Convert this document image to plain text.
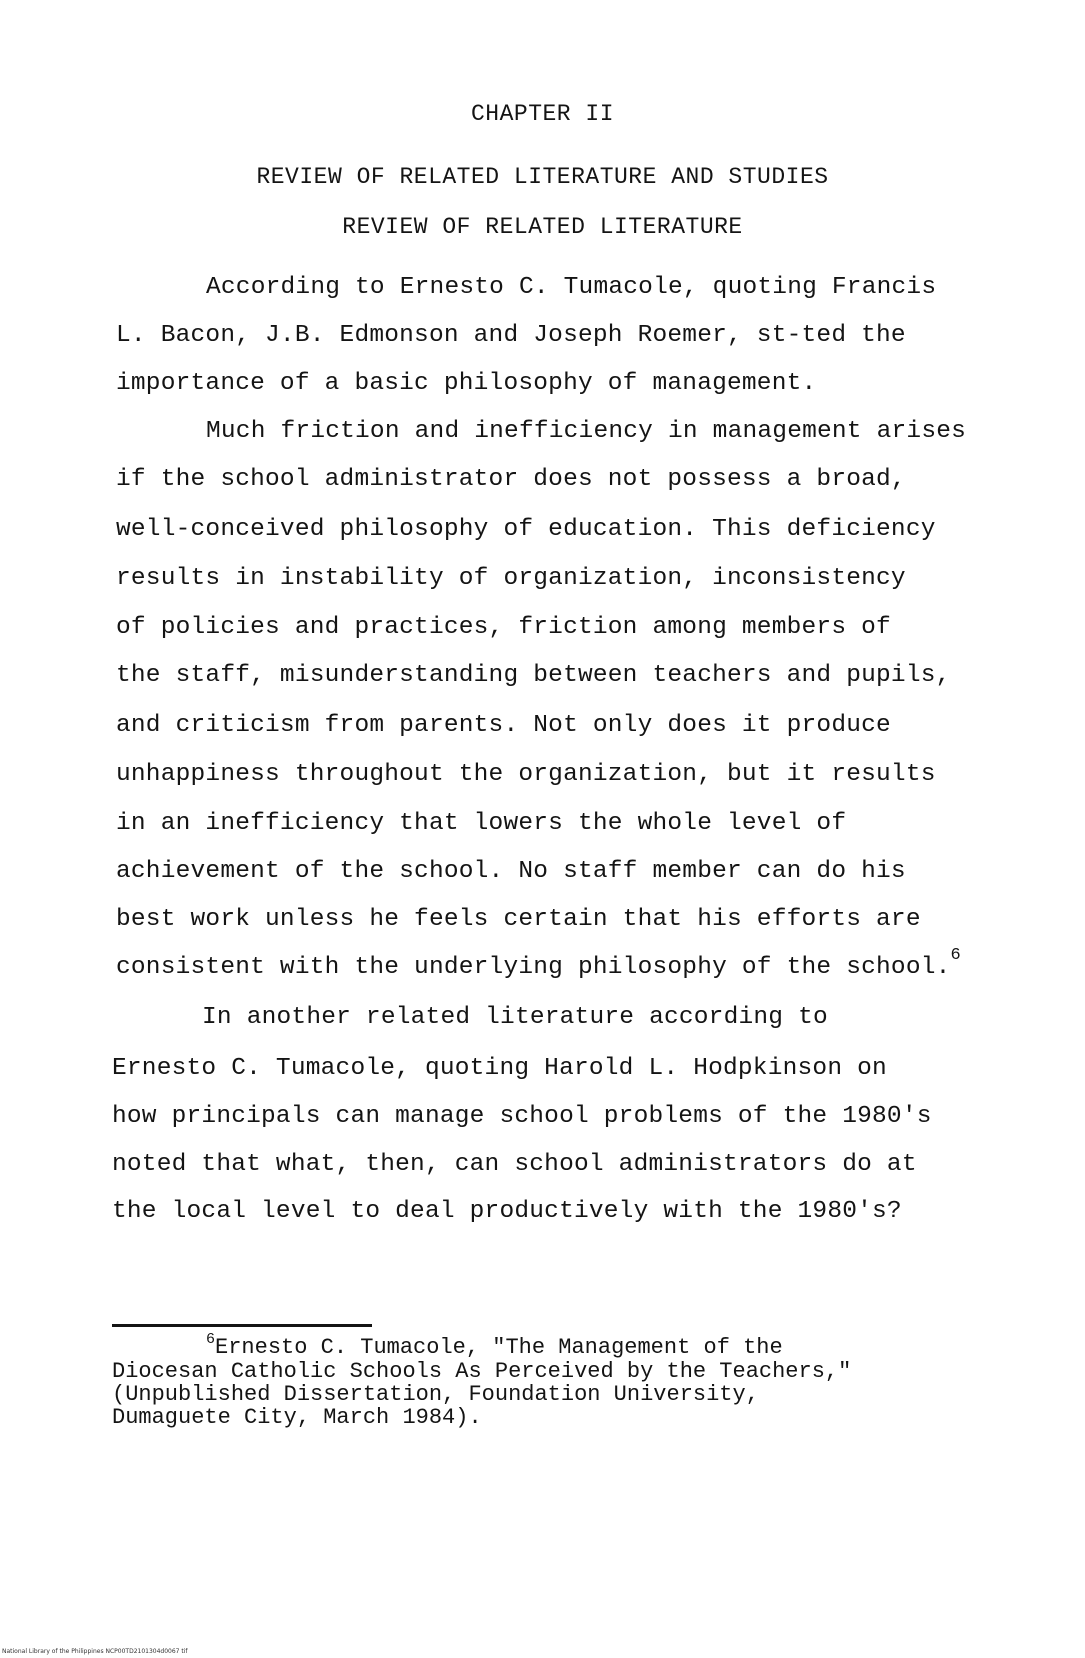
CHAPTER II
REVIEW OF RELATED LITERATURE AND STUDIES
REVIEW OF RELATED LITERATURE
According to Ernesto C. Tumacole, quoting Francis
L. Bacon, J.B. Edmonson and Joseph Roemer, st-ted the
importance of a basic philosophy of management.
Much friction and inefficiency in management arises
if the school administrator does not possess a broad,
well-conceived philosophy of education. This deficiency
results in instability of organization, inconsistency
of policies and practices, friction among members of
the staff, misunderstanding between teachers and pupils,
and criticism from parents. Not only does it produce
unhappiness throughout the organization, but it results
in an inefficiency that lowers the whole level of
achievement of the school. No staff member can do his
best work unless he feels certain that his efforts are
consistent with the underlying philosophy of the school.$^6$
In another related literature according to
Ernesto C. Tumacole, quoting Harold L. Hodpkinson on
how principals can manage school problems of the 1980's
noted that what, then, can school administrators do at
the local level to deal productively with the 1980's?
$^6$Ernesto C. Tumacole, "The Management of the
Diocesan Catholic Schools As Perceived by the Teachers,"
(Unpublished Dissertation, Foundation University,
Dumaguete City, March 1984).
National Library of the Philippines NCP00TD2101304d0067 tif
